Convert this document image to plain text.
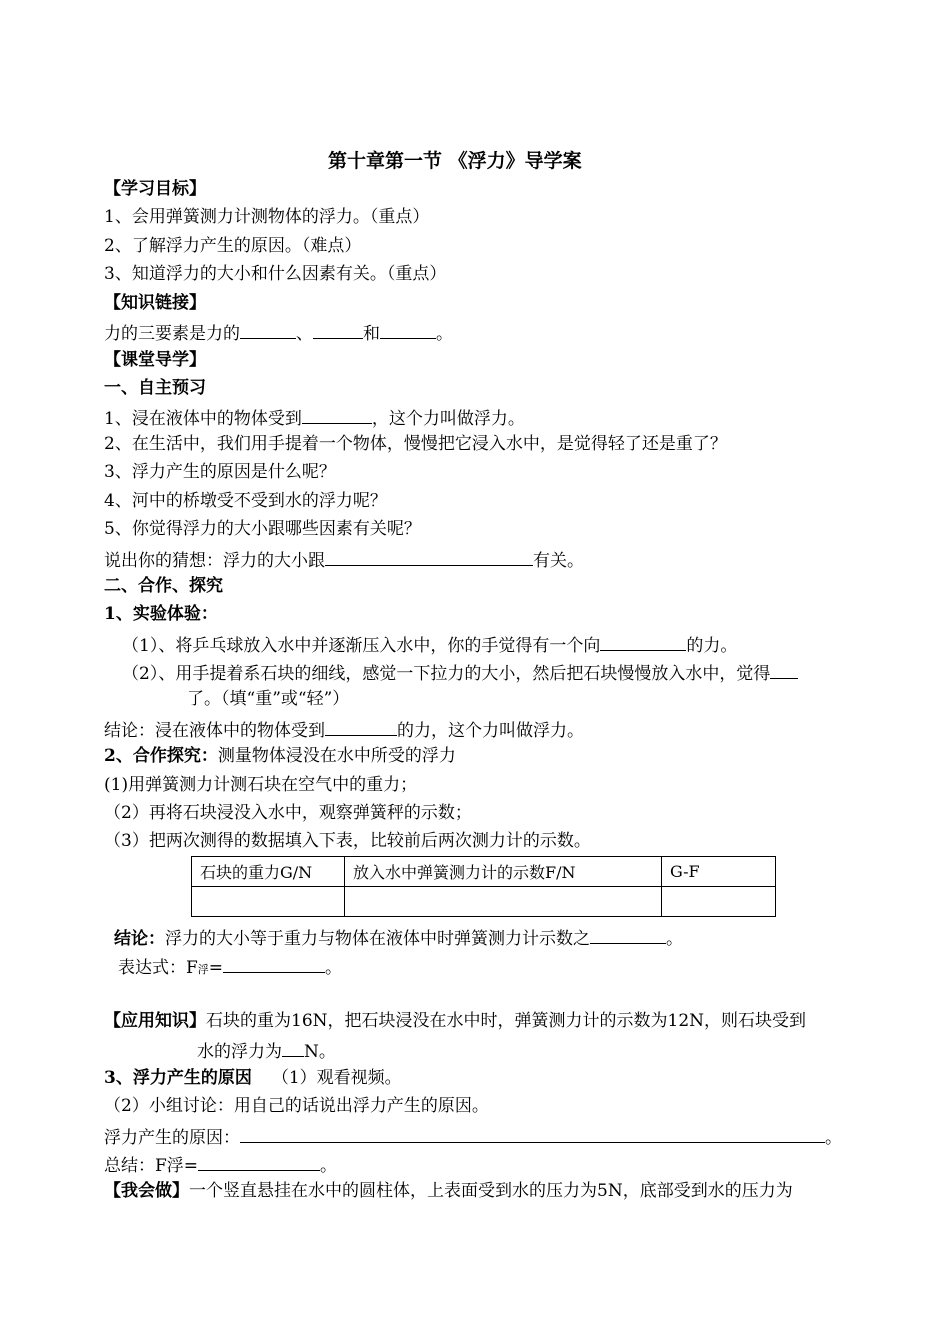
第十章第一节 《浮力》导学案
【学习目标】
1、会用弹簧测力计测物体的浮力。（重点）
2、了解浮力产生的原因。（难点）
3、知道浮力的大小和什么因素有关。（重点）
【知识链接】
力的三要素是力的	、	和	。
【课堂导学】
一、自主预习
1、浸在液体中的物体受到	，这个力叫做浮力。
2、在生活中，我们用手提着一个物体，慢慢把它浸入水中，是觉得轻了还是重了？
3、浮力产生的原因是什么呢？
4、河中的桥墩受不受到水的浮力呢？
5、你觉得浮力的大小跟哪些因素有关呢？
说出你的猜想：浮力的大小跟	有关。
二、合作、探究
1、实验体验：
（1）、将乒乓球放入水中并逐渐压入水中，你的手觉得有一个向	的力。
（2）、用手提着系石块的细线，感觉一下拉力的大小，然后把石块慢慢放入水中，觉得
了。（填“重”或“轻”）
结论：浸在液体中的物体受到	的力，这个力叫做浮力。
2、合作探究：测量物体浸没在水中所受的浮力
(1)用弹簧测力计测石块在空气中的重力；
（2）再将石块浸没入水中，观察弹簧秤的示数；
（3）把两次测得的数据填入下表，比较前后两次测力计的示数。
石块的重力G/N	放入水中弹簧测力计的示数F/N	G-F

结论：浮力的大小等于重力与物体在液体中时弹簧测力计示数之	。
表达式：F浮=	。
【应用知识】石块的重为16N，把石块浸没在水中时，弹簧测力计的示数为12N，则石块受到
水的浮力为 N。
3、浮力产生的原因 （1）观看视频。
（2）小组讨论：用自己的话说出浮力产生的原因。
浮力产生的原因：	。
总结：F浮=	。
【我会做】一个竖直悬挂在水中的圆柱体，上表面受到水的压力为5N，底部受到水的压力为
